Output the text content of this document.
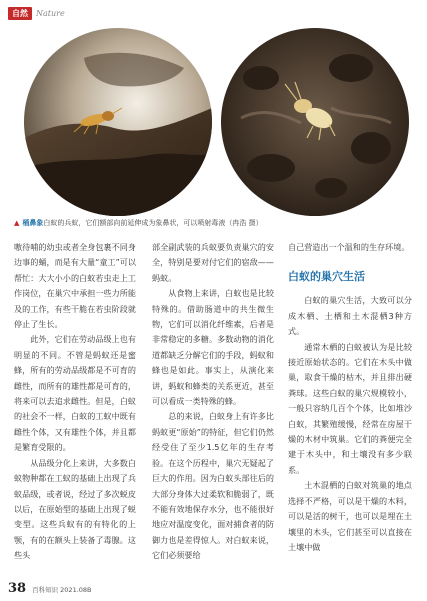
自然	Nature
▲ 桶鼻象白蚁的兵蚁，它们额部向前延伸成为象鼻状，可以喷射毒液（冉浩 摄）

嗷待哺的幼虫或者全身包裹不同身边事的蛹，而是有大量“童工”可以帮忙：大大小小的白蚁若虫走上工作岗位，在巢穴中承担一些力所能及的工作，有些干脆在若虫阶段就停止了生长。

此外，它们在劳动品级上也有明显的不同。不管是蚂蚁还是蜜蜂，所有的劳动品级都是不可育的雌性，而所有的雄性都是可育的，将来可以去追求雌性。但是，白蚁的社会不一样，白蚁的工蚁中既有雌性个体，又有雄性个体，并且都是繁育受限的。

从品级分化上来讲，大多数白蚁物种都在工蚁的基础上出现了兵蚁品级，或者说，经过了多次蜕皮以后，在原始型的基础上出现了蜕变型。这些兵蚁有的有特化的上颚，有的在额头上装备了毒腺。这些头

部全副武装的兵蚁要负责巢穴的安全，特别是要对付它们的宿敌——蚂蚁。

从食物上来讲，白蚁也是比较特殊的。借助肠道中的共生微生物，它们可以消化纤维素，后者是非常稳定的多糖。多数动物的消化道都缺乏分解它们的手段，蚂蚁和蜂也是如此。事实上，从演化来讲，蚂蚁和蜂类的关系更近，甚至可以看成一类特殊的蜂。

总的来说，白蚁身上有许多比蚂蚁更“原始”的特征，但它们仍然经受住了至少1.5亿年的生存考验。在这个历程中，巢穴无疑起了巨大的作用。因为白蚁头部往后的大部分身体大过柔软和脆弱了，既不能有效地保存水分，也不能很好地应对温度变化，面对捕食者的防御力也是差得惊人。对白蚁来说，它们必须要给

自己营造出一个温和的生存环境。

白蚁的巢穴生活

白蚁的巢穴生活，大致可以分成木栖、土栖和土木混栖3种方式。

通常木栖的白蚁被认为是比较接近原始状态的。它们在木头中做巢，取食干燥的枯木，并且排出硬粪球。这些白蚁的巢穴规模较小，一般只容纳几百个个体，比如堆沙白蚁，其繁殖缓慢，经常在房屋干燥的木材中筑巢。它们的粪便完全建于木头中，和土壤没有多少联系。

土木混栖的白蚁对筑巢的地点选择不严格，可以是干燥的木料，可以是活的树干，也可以是埋在土壤里的木头，它们甚至可以直接在土壤中做

38 百科知识 2021.08B
